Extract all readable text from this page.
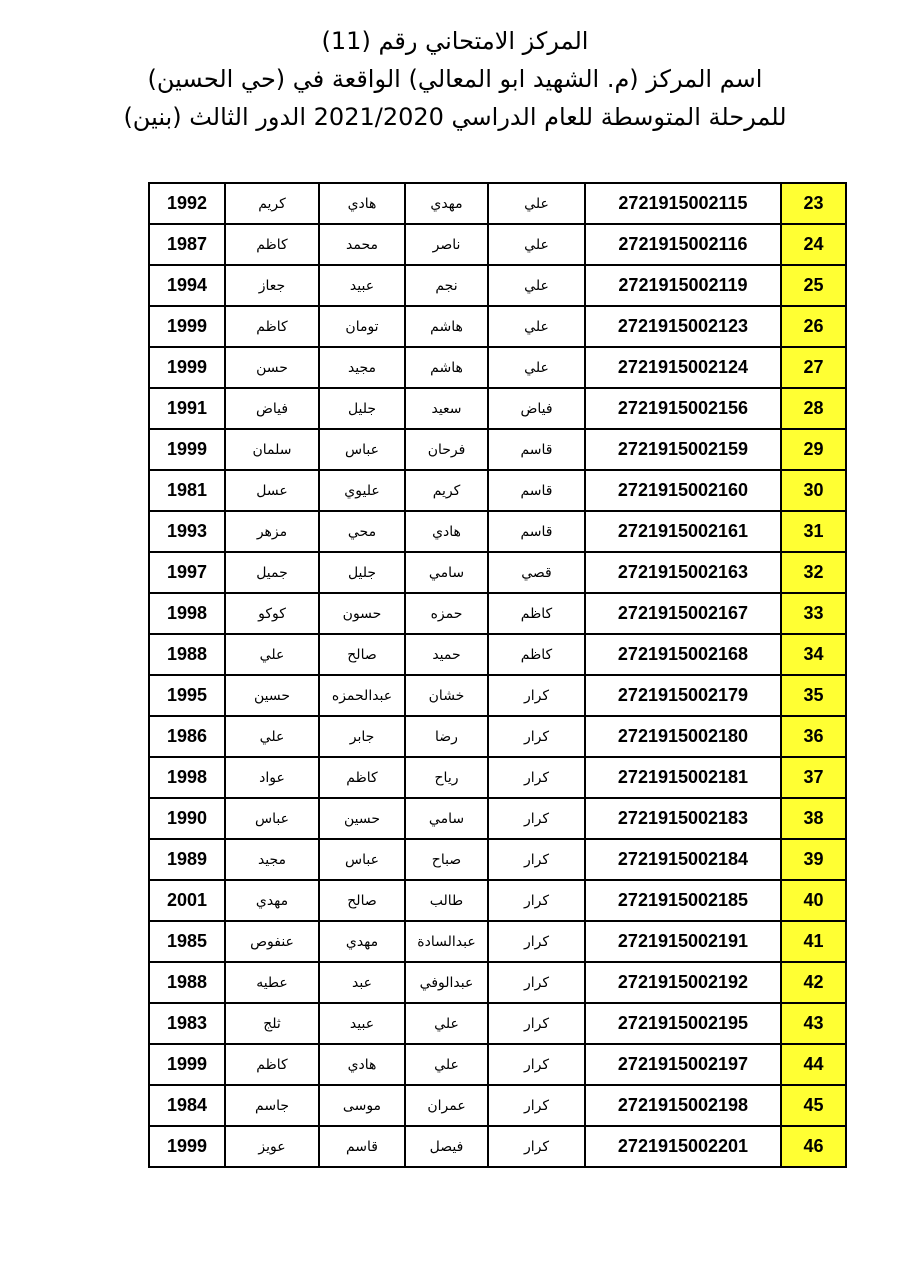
المركز الامتحاني رقم (11)
اسم المركز (م. الشهيد ابو المعالي) الواقعة في (حي الحسين)
للمرحلة المتوسطة للعام الدراسي 2021/2020 الدور الثالث (بنين)
1992	كريم	هادي	مهدي	علي	2721915002115	23
1987	كاظم	محمد	ناصر	علي	2721915002116	24
1994	جعاز	عبيد	نجم	علي	2721915002119	25
1999	كاظم	تومان	هاشم	علي	2721915002123	26
1999	حسن	مجيد	هاشم	علي	2721915002124	27
1991	فياض	جليل	سعيد	فياض	2721915002156	28
1999	سلمان	عباس	فرحان	قاسم	2721915002159	29
1981	عسل	عليوي	كريم	قاسم	2721915002160	30
1993	مزهر	محي	هادي	قاسم	2721915002161	31
1997	جميل	جليل	سامي	قصي	2721915002163	32
1998	كوكو	حسون	حمزه	كاظم	2721915002167	33
1988	علي	صالح	حميد	كاظم	2721915002168	34
1995	حسين	عبدالحمزه	خشان	كرار	2721915002179	35
1986	علي	جابر	رضا	كرار	2721915002180	36
1998	عواد	كاظم	رياح	كرار	2721915002181	37
1990	عباس	حسين	سامي	كرار	2721915002183	38
1989	مجيد	عباس	صباح	كرار	2721915002184	39
2001	مهدي	صالح	طالب	كرار	2721915002185	40
1985	عنفوص	مهدي	عبدالسادة	كرار	2721915002191	41
1988	عطيه	عبد	عبدالوفي	كرار	2721915002192	42
1983	ثلج	عبيد	علي	كرار	2721915002195	43
1999	كاظم	هادي	علي	كرار	2721915002197	44
1984	جاسم	موسى	عمران	كرار	2721915002198	45
1999	عويز	قاسم	فيصل	كرار	2721915002201	46
